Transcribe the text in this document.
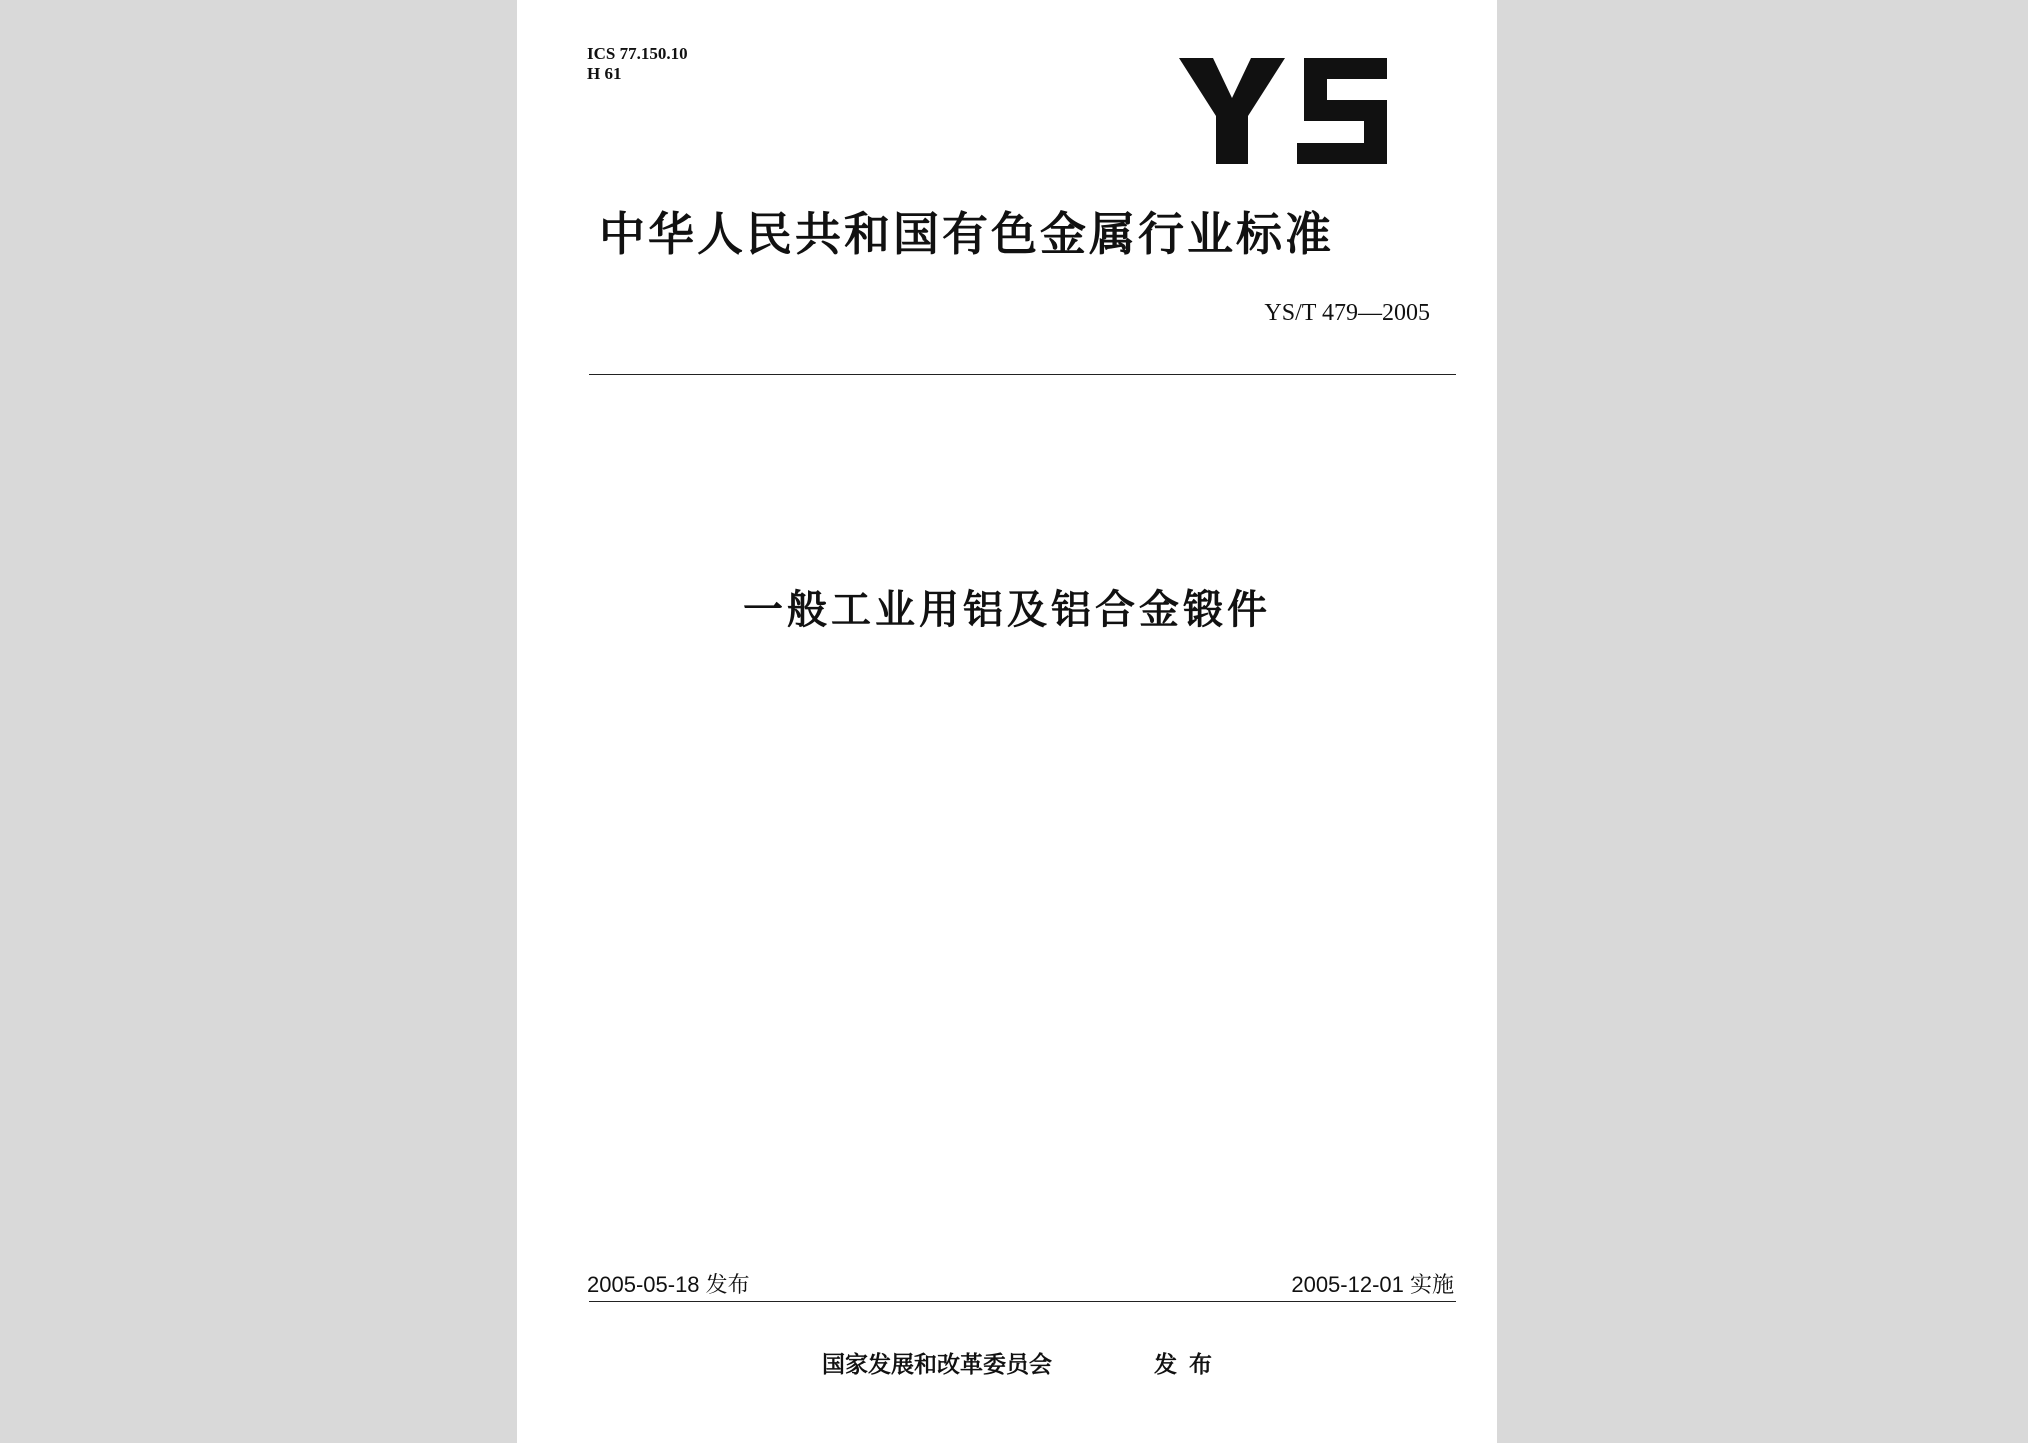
ICS 77.150.10
H 61
中华人民共和国有色金属行业标准
YS/T 479—2005
一般工业用铝及铝合金锻件
2005-05-18 发布	2005-12-01 实施
国家发展和改革委员会	发布
